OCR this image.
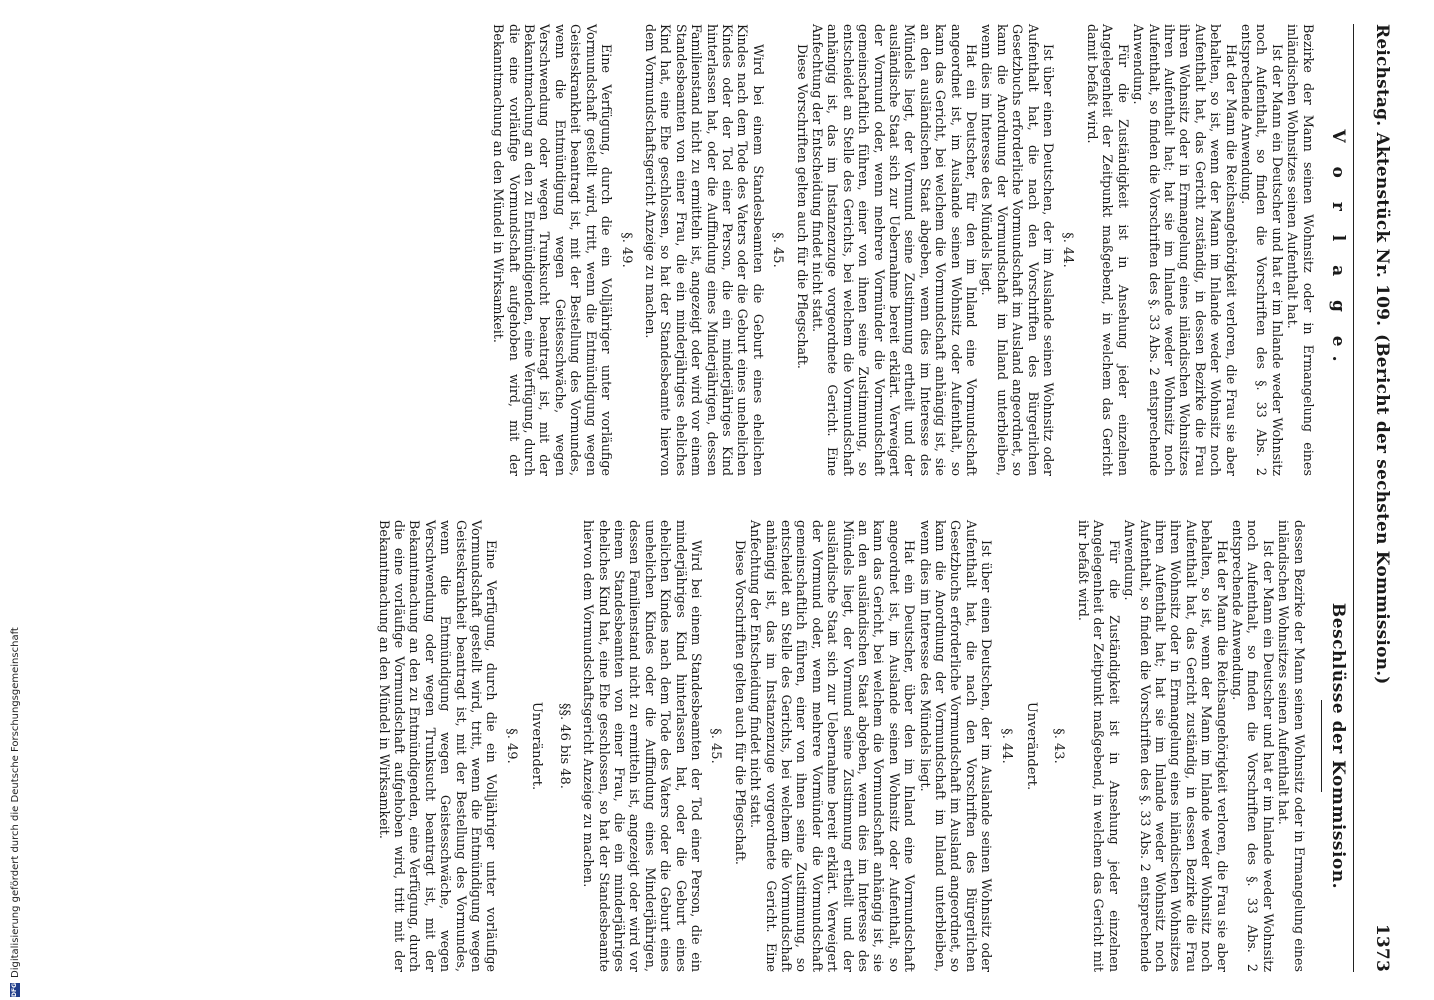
Reichstag. Aktenstück Nr. 109.
(Bericht der sechsten Kommission.)
1373
V o r l a g e.

Bezirke der Mann seinen Wohnsitz oder in Ermangelung eines inländischen Wohnsitzes seinen Aufenthalt hat.

Ist der Mann ein Deutscher und hat er im Inlande weder Wohnsitz noch Aufenthalt, so finden die Vorschriften des §. 33 Abs. 2 entsprechende Anwendung.

Hat der Mann die Reichsangehörigkeit verloren, die Frau sie aber behalten, so ist, wenn der Mann im Inlande weder Wohnsitz noch Aufenthalt hat, das Gericht zuständig, in dessen Bezirke die Frau ihren Wohnsitz oder in Ermangelung eines inländischen Wohnsitzes ihren Aufenthalt hat; hat sie im Inlande weder Wohnsitz noch Aufenthalt, so finden die Vorschriften des §. 33 Abs. 2 entsprechende Anwendung.

Für die Zuständigkeit ist in Ansehung jeder einzelnen Angelegenheit der Zeitpunkt maßgebend, in welchem das Gericht damit befaßt wird.

§. 44.

Ist über einen Deutschen, der im Auslande seinen Wohnsitz oder Aufenthalt hat, die nach den Vorschriften des Bürgerlichen Gesetzbuchs erforderliche Vormundschaft im Ausland angeordnet, so kann die Anordnung der Vormundschaft im Inland unterbleiben, wenn dies im Interesse des Mündels liegt.

Hat ein Deutscher, für den im Inland eine Vormundschaft angeordnet ist, im Auslande seinen Wohnsitz oder Aufenthalt, so kann das Gericht, bei welchem die Vormundschaft anhängig ist, sie an den ausländischen Staat abgeben, wenn dies im Interesse des Mündels liegt, der Vormund seine Zustimmung ertheilt und der ausländische Staat sich zur Uebernahme bereit erklärt. Verweigert der Vormund oder, wenn mehrere Vormünder die Vormundschaft gemeinschaftlich führen, einer von ihnen seine Zustimmung, so entscheidet an Stelle des Gerichts, bei welchem die Vormundschaft anhängig ist, das im Instanzenzuge vorgeordnete Gericht. Eine Anfechtung der Entscheidung findet nicht statt.

Diese Vorschriften gelten auch für die Pflegschaft.

§. 45.

Wird bei einem Standesbeamten die Geburt eines ehelichen Kindes nach dem Tode des Vaters oder die Geburt eines unehelichen Kindes oder der Tod einer Person, die ein minderjähriges Kind hinterlassen hat, oder die Auffindung eines Minderjährigen, dessen Familienstand nicht zu ermitteln ist, angezeigt oder wird vor einem Standesbeamten von einer Frau, die ein minderjähriges eheliches Kind hat, eine Ehe geschlossen, so hat der Standesbeamte hiervon dem Vormundschaftsgericht Anzeige zu machen.

§. 49.

Eine Verfügung, durch die ein Volljähriger unter vorläufige Vormundschaft gestellt wird, tritt, wenn die Entmündigung wegen Geisteskrankheit beantragt ist, mit der Bestellung des Vormundes, wenn die Entmündigung wegen Geistesschwäche, wegen Verschwendung oder wegen Trunksucht beantragt ist, mit der Bekanntmachung an den zu Entmündigenden, eine Verfügung, durch die eine vorläufige Vormundschaft aufgehoben wird, mit der Bekanntmachung an den Mündel in Wirksamkeit.

Beschlüsse der Kommission.

dessen Bezirke der Mann seinen Wohnsitz oder in Ermangelung eines inländischen Wohnsitzes seinen Aufenthalt hat.

Ist der Mann ein Deutscher und hat er im Inlande weder Wohnsitz noch Aufenthalt, so finden die Vorschriften des §. 33 Abs. 2 entsprechende Anwendung.

Hat der Mann die Reichsangehörigkeit verloren, die Frau sie aber behalten, so ist, wenn der Mann im Inlande weder Wohnsitz noch Aufenthalt hat, das Gericht zuständig, in dessen Bezirke die Frau ihren Wohnsitz oder in Ermangelung eines inländischen Wohnsitzes ihren Aufenthalt hat; hat sie im Inlande weder Wohnsitz noch Aufenthalt, so finden die Vorschriften des §. 33 Abs. 2 entsprechende Anwendung.

Für die Zuständigkeit ist in Ansehung jeder einzelnen Angelegenheit der Zeitpunkt maßgebend, in welchem das Gericht mit ihr befaßt wird.

§. 43.
Unverändert.
§. 44.

Ist über einen Deutschen, der im Auslande seinen Wohnsitz oder Aufenthalt hat, die nach den Vorschriften des Bürgerlichen Gesetzbuchs erforderliche Vormundschaft im Ausland angeordnet, so kann die Anordnung der Vormundschaft im Inland unterbleiben, wenn dies im Interesse des Mündels liegt.

Hat ein Deutscher, über den im Inland eine Vormundschaft angeordnet ist, im Auslande seinen Wohnsitz oder Aufenthalt, so kann das Gericht, bei welchem die Vormundschaft anhängig ist, sie an den ausländischen Staat abgeben, wenn dies im Interesse des Mündels liegt, der Vormund seine Zustimmung ertheilt und der ausländische Staat sich zur Uebernahme bereit erklärt. Verweigert der Vormund oder, wenn mehrere Vormünder die Vormundschaft gemeinschaftlich führen, einer von ihnen seine Zustimmung, so entscheidet an Stelle des Gerichts, bei welchem die Vormundschaft anhängig ist, das im Instanzenzuge vorgeordnete Gericht. Eine Anfechtung der Entscheidung findet nicht statt.

Diese Vorschriften gelten auch für die Pflegschaft.

§. 45.

Wird bei einem Standesbeamten der Tod einer Person, die ein minderjähriges Kind hinterlassen hat, oder die Geburt eines ehelichen Kindes nach dem Tode des Vaters oder die Geburt eines unehelichen Kindes oder die Auffindung eines Minderjährigen, dessen Familienstand nicht zu ermitteln ist, angezeigt oder wird vor einem Standesbeamten von einer Frau, die ein minderjähriges eheliches Kind hat, eine Ehe geschlossen, so hat der Standesbeamte hiervon dem Vormundschaftsgericht Anzeige zu machen.

§§. 46 bis 48.
Unverändert.
§. 49.

Eine Verfügung, durch die ein Volljähriger unter vorläufige Vormundschaft gestellt wird, tritt, wenn die Entmündigung wegen Geisteskrankheit beantragt ist, mit der Bestellung des Vormundes, wenn die Entmündigung wegen Geistesschwäche, wegen Verschwendung oder wegen Trunksucht beantragt ist, mit der Bekanntmachung an den zu Entmündigenden, eine Verfügung, durch die eine vorläufige Vormundschaft aufgehoben wird, tritt mit der Bekanntmachung an den Mündel in Wirksamkeit.

DFGDigitalisierung gefördert durch die Deutsche Forschungsgemeinschaft
